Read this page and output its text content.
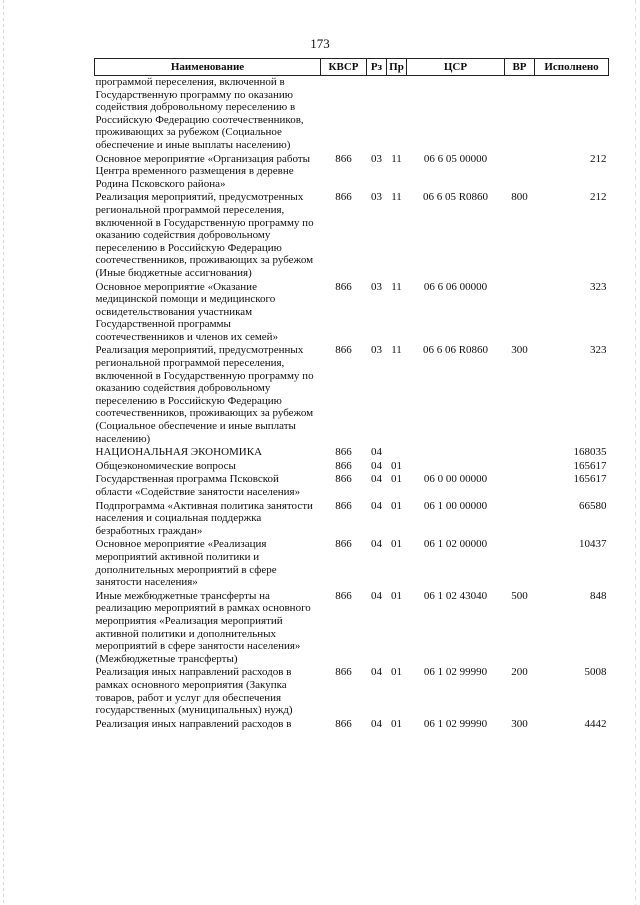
173
Наименование	КВСР	Рз	Пр	ЦСР	ВР	Исполнено
программой переселения, включенной в Государственную программу по оказанию содействия добровольному переселению в Российскую Федерацию соотечественников, проживающих за рубежом (Социальное обеспечение и иные выплаты населению)						
Основное мероприятие «Организация работы Центра временного размещения в деревне Родина Псковского района»	866	03	11	06 6 05 00000		212
Реализация мероприятий, предусмотренных региональной программой переселения, включенной в Государственную программу по оказанию содействия добровольному переселению в Российскую Федерацию соотечественников, проживающих за рубежом (Иные бюджетные ассигнования)	866	03	11	06 6 05 R0860	800	212
Основное мероприятие «Оказание медицинской помощи и медицинского освидетельствования участникам Государственной программы соотечественников и членов их семей»	866	03	11	06 6 06 00000		323
Реализация мероприятий, предусмотренных региональной программой переселения, включенной в Государственную программу по оказанию содействия добровольному переселению в Российскую Федерацию соотечественников, проживающих за рубежом (Социальное обеспечение и иные выплаты населению)	866	03	11	06 6 06 R0860	300	323
НАЦИОНАЛЬНАЯ ЭКОНОМИКА	866	04				168035
Общеэкономические вопросы	866	04	01			165617
Государственная программа Псковской области «Содействие занятости населения»	866	04	01	06 0 00 00000		165617
Подпрограмма «Активная политика занятости населения и социальная поддержка безработных граждан»	866	04	01	06 1 00 00000		66580
Основное мероприятие «Реализация мероприятий активной политики и дополнительных мероприятий в сфере занятости населения»	866	04	01	06 1 02 00000		10437
Иные межбюджетные трансферты на реализацию мероприятий в рамках основного мероприятия «Реализация мероприятий активной политики и дополнительных мероприятий в сфере занятости населения» (Межбюджетные трансферты)	866	04	01	06 1 02 43040	500	848
Реализация иных направлений расходов в рамках основного мероприятия (Закупка товаров, работ и услуг для обеспечения государственных (муниципальных) нужд)	866	04	01	06 1 02 99990	200	5008
Реализация иных направлений расходов в	866	04	01	06 1 02 99990	300	4442
